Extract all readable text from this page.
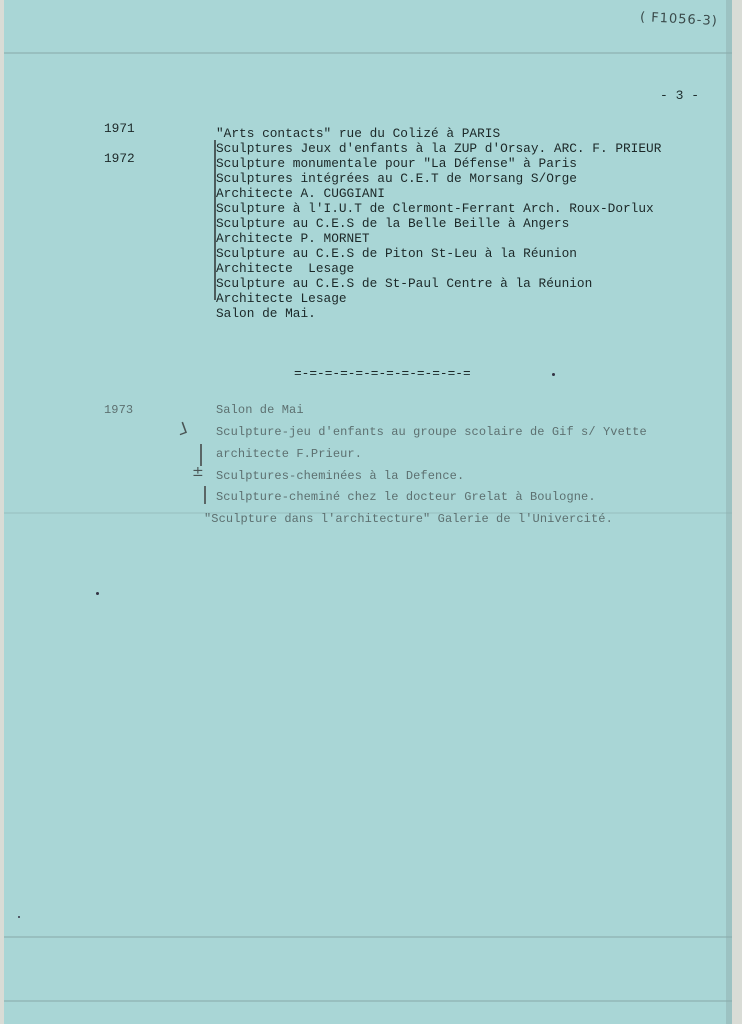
( F1056-3)
- 3 -
1971
1972
"Arts contacts" rue du Colizé à PARIS
Sculptures Jeux d'enfants à la ZUP d'Orsay. ARC. F. PRIEUR
Sculpture monumentale pour "La Défense" à Paris
Sculptures intégrées au C.E.T de Morsang S/Orge
Architecte A. CUGGIANI
Sculpture à l'I.U.T de Clermont-Ferrant Arch. Roux-Dorlux
Sculpture au C.E.S de la Belle Beille à Angers
Architecte P. MORNET
Sculpture au C.E.S de Piton St-Leu à la Réunion
Architecte  Lesage
Sculpture au C.E.S de St-Paul Centre à la Réunion
Architecte Lesage
Salon de Mai.
=-=-=-=-=-=-=-=-=-=-=-=
1973	Salon de Mai
Sculpture-jeu d'enfants au groupe scolaire de Gif s/ Yvette
architecte F.Prieur.
Sculptures-cheminées à la Defence.
Sculpture-cheminé chez le docteur Grelat à Boulogne.
"Sculpture dans l'architecture" Galerie de l'Univercité.
⅃
±
